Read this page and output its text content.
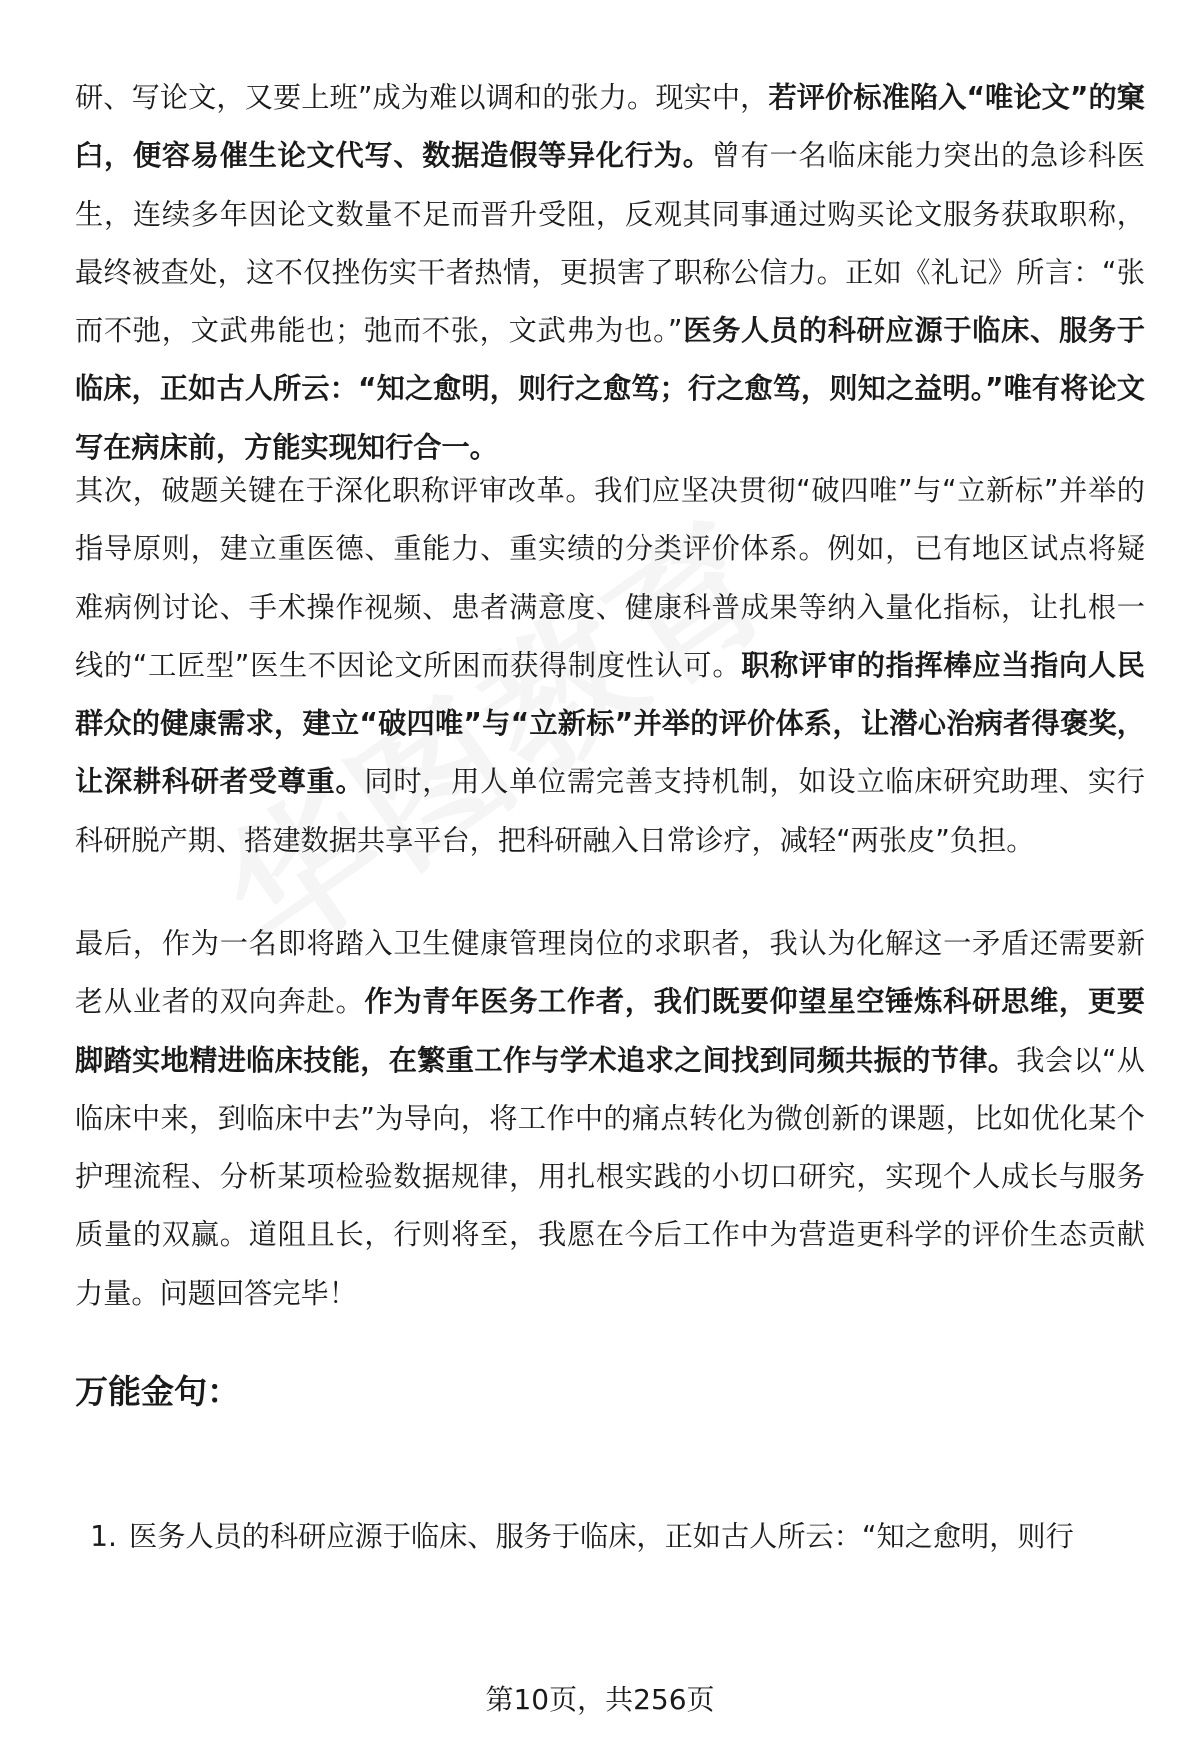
研、写论文，又要上班”成为难以调和的张力。现实中，若评价标准陷入“唯论文”的窠臼，便容易催生论文代写、数据造假等异化行为。曾有一名临床能力突出的急诊科医生，连续多年因论文数量不足而晋升受阻，反观其同事通过购买论文服务获取职称，最终被查处，这不仅挫伤实干者热情，更损害了职称公信力。正如《礼记》所言：“张而不弛，文武弗能也；弛而不张，文武弗为也。”医务人员的科研应源于临床、服务于临床，正如古人所云：“知之愈明，则行之愈笃；行之愈笃，则知之益明。”唯有将论文写在病床前，方能实现知行合一。

其次，破题关键在于深化职称评审改革。我们应坚决贯彻“破四唯”与“立新标”并举的指导原则，建立重医德、重能力、重实绩的分类评价体系。例如，已有地区试点将疑难病例讨论、手术操作视频、患者满意度、健康科普成果等纳入量化指标，让扎根一线的“工匠型”医生不因论文所困而获得制度性认可。职称评审的指挥棒应当指向人民群众的健康需求，建立“破四唯”与“立新标”并举的评价体系，让潜心治病者得褒奖，让深耕科研者受尊重。同时，用人单位需完善支持机制，如设立临床研究助理、实行科研脱产期、搭建数据共享平台，把科研融入日常诊疗，减轻“两张皮”负担。

最后，作为一名即将踏入卫生健康管理岗位的求职者，我认为化解这一矛盾还需要新老从业者的双向奔赴。作为青年医务工作者，我们既要仰望星空锤炼科研思维，更要脚踏实地精进临床技能，在繁重工作与学术追求之间找到同频共振的节律。我会以“从临床中来，到临床中去”为导向，将工作中的痛点转化为微创新的课题，比如优化某个护理流程、分析某项检验数据规律，用扎根实践的小切口研究，实现个人成长与服务质量的双赢。道阻且长，行则将至，我愿在今后工作中为营造更科学的评价生态贡献力量。问题回答完毕！

万能金句：
1. 医务人员的科研应源于临床、服务于临床，正如古人所云：“知之愈明，则行
第10页，共256页
